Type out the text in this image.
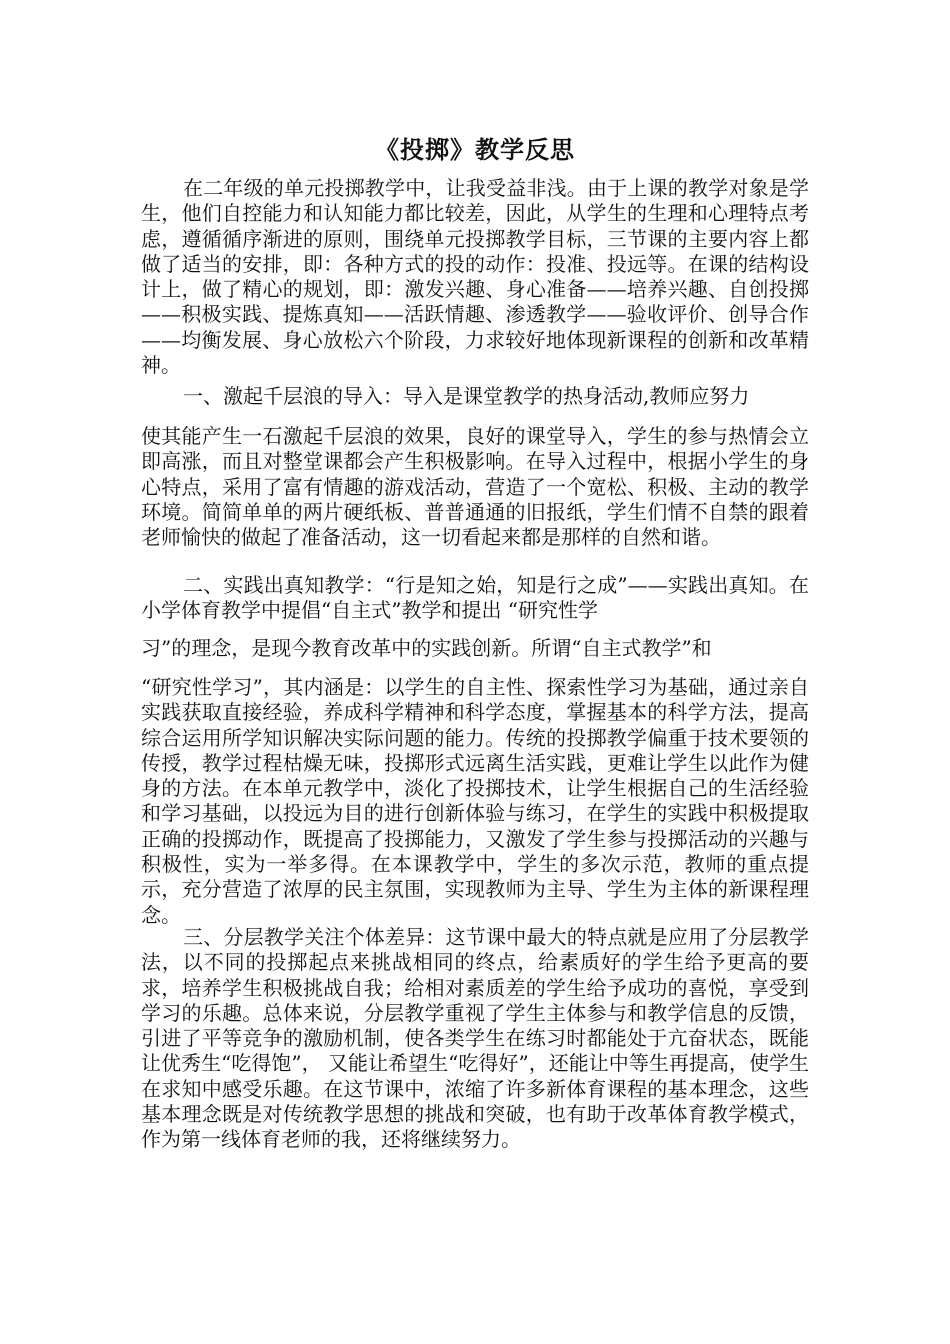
《投掷》教学反思

在二年级的单元投掷教学中，让我受益非浅。由于上课的教学对象是学生，他们自控能力和认知能力都比较差，因此，从学生的生理和心理特点考虑，遵循循序渐进的原则，围绕单元投掷教学目标，三节课的主要内容上都做了适当的安排，即：各种方式的投的动作：投准、投远等。在课的结构设计上，做了精心的规划，即：激发兴趣、身心准备——培养兴趣、自创投掷——积极实践、提炼真知——活跃情趣、渗透教学——验收评价、创导合作——均衡发展、身心放松六个阶段，力求较好地体现新课程的创新和改革精神。

一、激起千层浪的导入：导入是课堂教学的热身活动,教师应努力

使其能产生一石激起千层浪的效果，良好的课堂导入，学生的参与热情会立即高涨，而且对整堂课都会产生积极影响。在导入过程中，根据小学生的身心特点，采用了富有情趣的游戏活动，营造了一个宽松、积极、主动的教学环境。简简单单的两片硬纸板、普普通通的旧报纸，学生们情不自禁的跟着老师愉快的做起了准备活动，这一切看起来都是那样的自然和谐。

二、实践出真知教学：“行是知之始，知是行之成”——实践出真知。在小学体育教学中提倡“自主式”教学和提出 “研究性学

习”的理念，是现今教育改革中的实践创新。所谓“自主式教学”和

“研究性学习”，其内涵是：以学生的自主性、探索性学习为基础，通过亲自实践获取直接经验，养成科学精神和科学态度，掌握基本的科学方法，提高综合运用所学知识解决实际问题的能力。传统的投掷教学偏重于技术要领的传授，教学过程枯燥无味，投掷形式远离生活实践，更难让学生以此作为健身的方法。在本单元教学中，淡化了投掷技术，让学生根据自己的生活经验和学习基础，以投远为目的进行创新体验与练习，在学生的实践中积极提取正确的投掷动作，既提高了投掷能力，又激发了学生参与投掷活动的兴趣与积极性，实为一举多得。在本课教学中，学生的多次示范，教师的重点提示，充分营造了浓厚的民主氛围，实现教师为主导、学生为主体的新课程理念。

三、分层教学关注个体差异：这节课中最大的特点就是应用了分层教学法，以不同的投掷起点来挑战相同的终点，给素质好的学生给予更高的要求，培养学生积极挑战自我；给相对素质差的学生给予成功的喜悦，享受到学习的乐趣。总体来说，分层教学重视了学生主体参与和教学信息的反馈，引进了平等竞争的激励机制，使各类学生在练习时都能处于亢奋状态，既能让优秀生“吃得饱”， 又能让希望生“吃得好”，还能让中等生再提高，使学生在求知中感受乐趣。在这节课中，浓缩了许多新体育课程的基本理念，这些基本理念既是对传统教学思想的挑战和突破，也有助于改革体育教学模式，作为第一线体育老师的我，还将继续努力。
